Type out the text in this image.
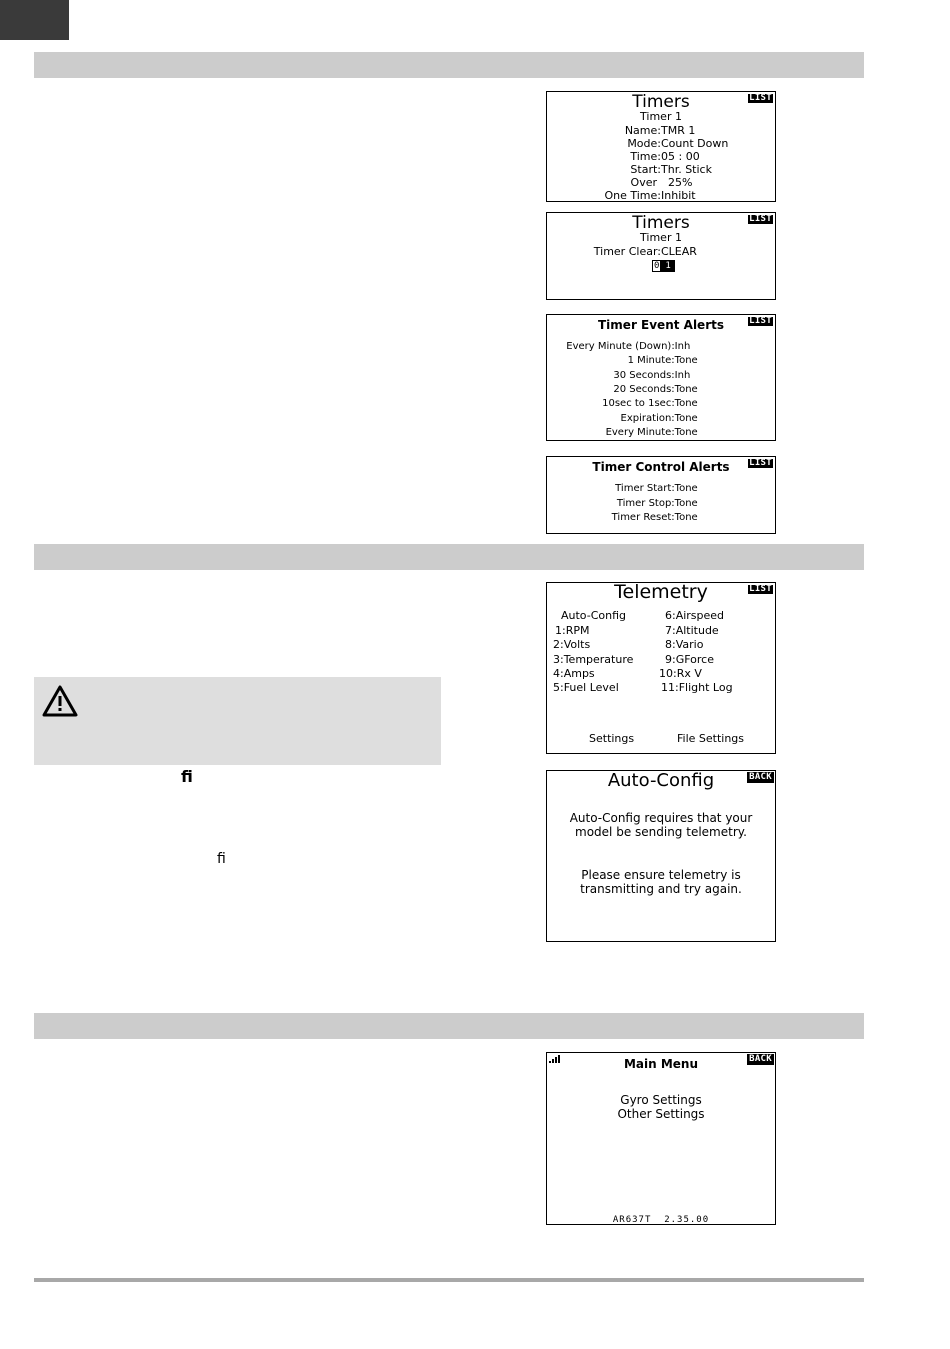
ﬁ
ﬁ
LIST
Timers
Timer 1
Name: TMR 1
Mode: Count Down
Time: 05 : 00
Start: Thr. Stick
Over 25%
One Time: Inhibit
LIST
Timers
Timer 1
Timer Clear: CLEAR
0 1
LIST
Timer Event Alerts
Every Minute (Down): Inh
1 Minute: Tone
30 Seconds: Inh
20 Seconds: Tone
10sec to 1sec: Tone
Expiration: Tone
Every Minute: Tone
LIST
Timer Control Alerts
Timer Start: Tone
Timer Stop: Tone
Timer Reset: Tone
LIST
Telemetry
Auto-Config
1:RPM
2:Volts
3:Temperature
4:Amps
5:Fuel Level
6:Airspeed
7:Altitude
8:Vario
9:GForce
10:Rx V
11:Flight Log
Settings	File Settings
BACK
Auto-Config
Auto-Config requires that your
model be sending telemetry.
Please ensure telemetry is
transmitting and try again.
BACK
Main Menu
Gyro Settings
Other Settings
AR637T  2.35.00
